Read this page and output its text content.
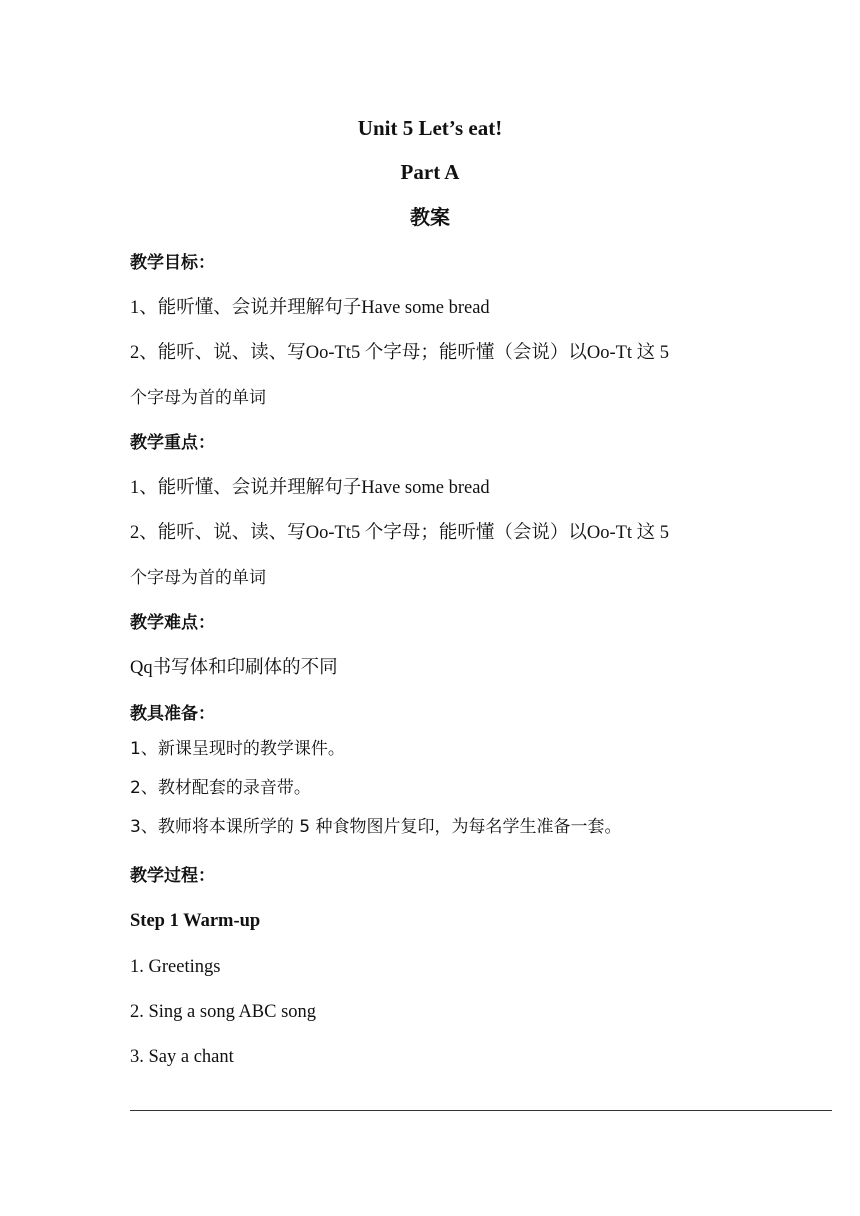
Unit 5 Let’s eat!
Part A
教案
教学目标：
1、能听懂、会说并理解句子Have some bread
2、能听、说、读、写Oo-Tt5 个字母；能听懂（会说）以Oo-Tt 这 5
个字母为首的单词
教学重点：
1、能听懂、会说并理解句子Have some bread
2、能听、说、读、写Oo-Tt5 个字母；能听懂（会说）以Oo-Tt 这 5
个字母为首的单词
教学难点：
Qq书写体和印刷体的不同
教具准备：
1、新课呈现时的教学课件。
2、教材配套的录音带。
3、教师将本课所学的 5 种食物图片复印，为每名学生准备一套。
教学过程：
Step 1 Warm-up
1. Greetings
2. Sing a song ABC song
3. Say a chant
